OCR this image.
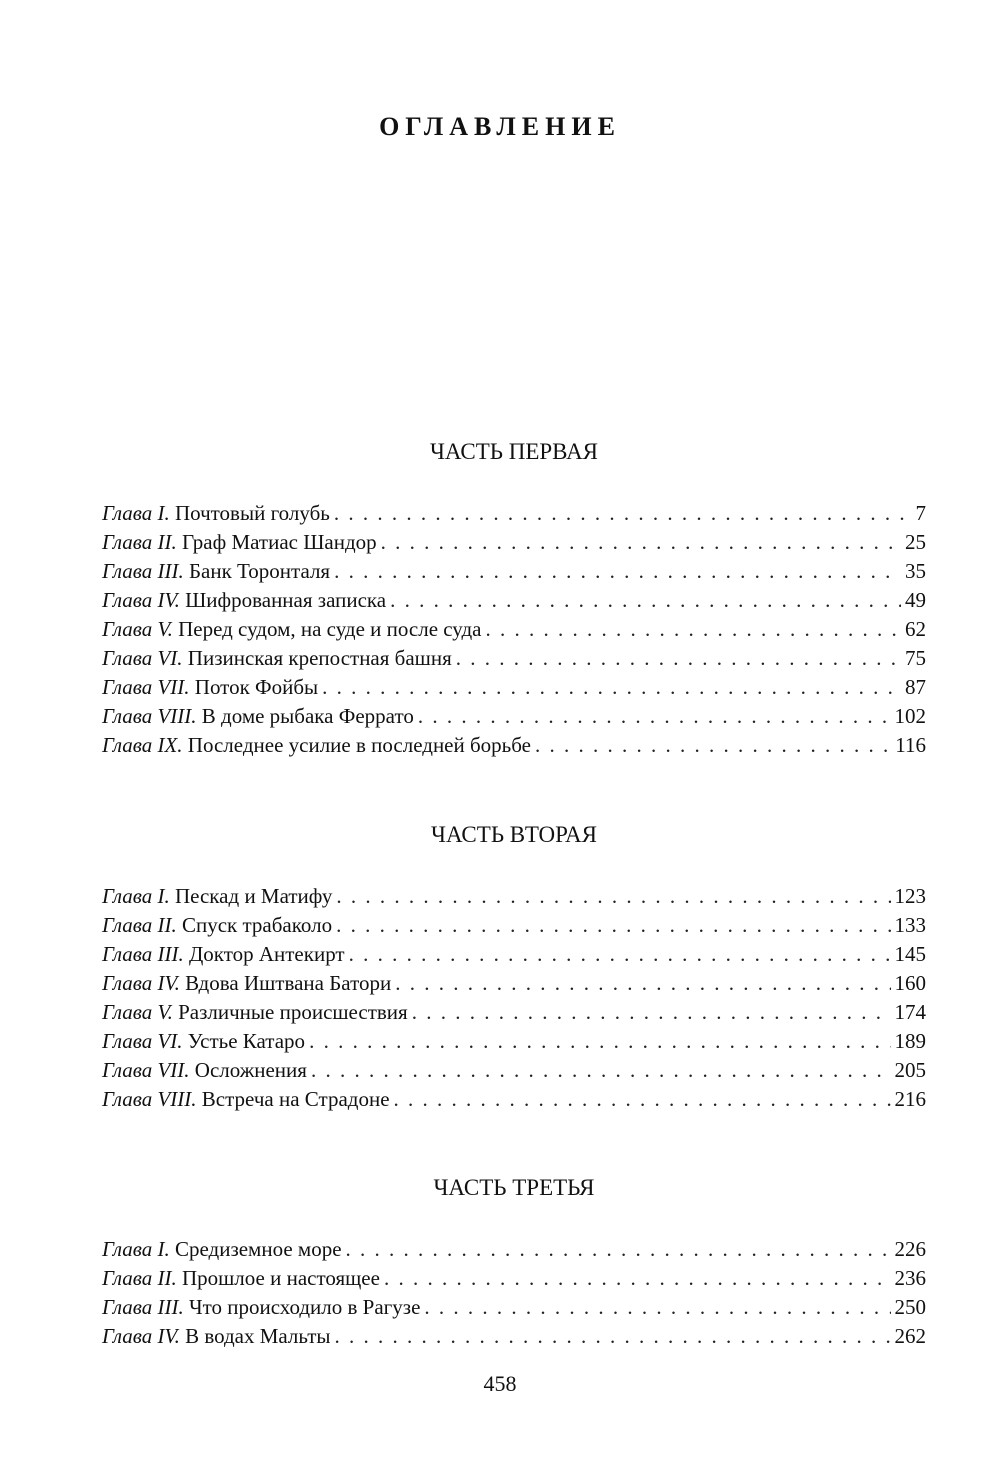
ОГЛАВЛЕНИЕ
ЧАСТЬ ПЕРВАЯ
Глава I. Почтовый голубь . . .	7
Глава II. Граф Матиас Шандор . . .	25
Глава III. Банк Торонталя . . .	35
Глава IV. Шифрованная записка . . .	49
Глава V. Перед судом, на суде и после суда . . .	62
Глава VI. Пизинская крепостная башня . . .	75
Глава VII. Поток Фойбы . . .	87
Глава VIII. В доме рыбака Феррато . . .	102
Глава IX. Последнее усилие в последней борьбе . . .	116
ЧАСТЬ ВТОРАЯ
Глава I. Пескад и Матифу . . .	123
Глава II. Спуск трабаколо . . .	133
Глава III. Доктор Антекирт . . .	145
Глава IV. Вдова Иштвана Батори . . .	160
Глава V. Различные происшествия . . .	174
Глава VI. Устье Катаро . . .	189
Глава VII. Осложнения . . .	205
Глава VIII. Встреча на Страдоне . . .	216
ЧАСТЬ ТРЕТЬЯ
Глава I. Средиземное море . . .	226
Глава II. Прошлое и настоящее . . .	236
Глава III. Что происходило в Рагузе . . .	250
Глава IV. В водах Мальты . . .	262
458
